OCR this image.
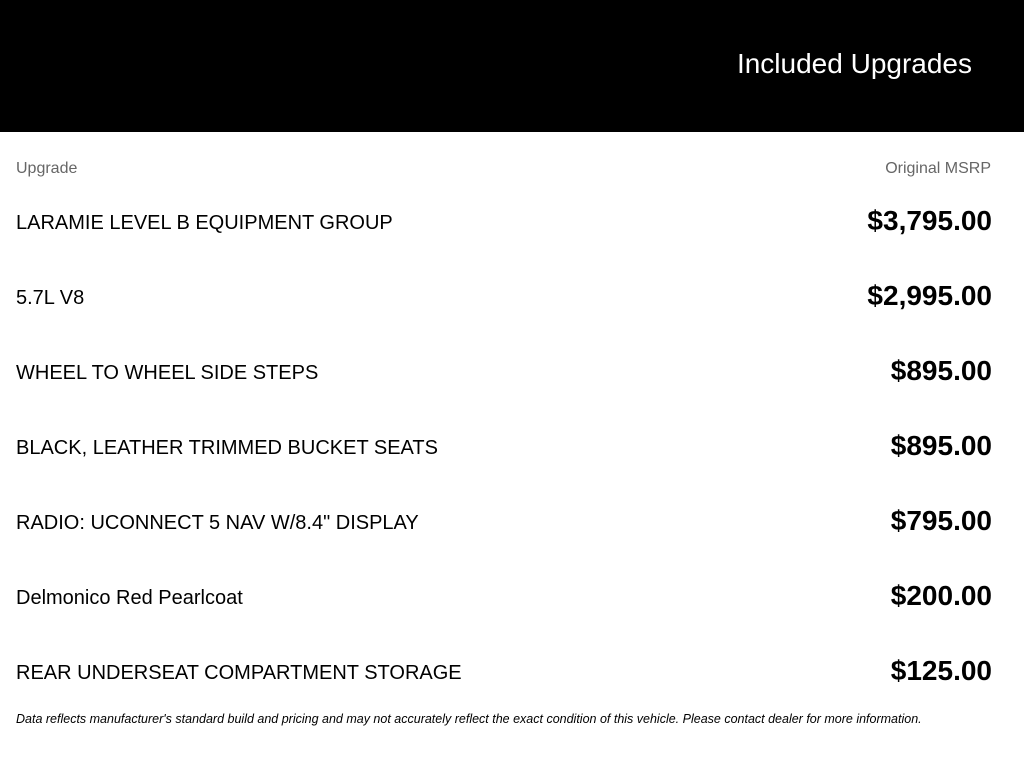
Included Upgrades
Upgrade	Original MSRP
LARAMIE LEVEL B EQUIPMENT GROUP	$3,795.00
5.7L V8	$2,995.00
WHEEL TO WHEEL SIDE STEPS	$895.00
BLACK, LEATHER TRIMMED BUCKET SEATS	$895.00
RADIO: UCONNECT 5 NAV W/8.4" DISPLAY	$795.00
Delmonico Red Pearlcoat	$200.00
REAR UNDERSEAT COMPARTMENT STORAGE	$125.00
Data reflects manufacturer's standard build and pricing and may not accurately reflect the exact condition of this vehicle. Please contact dealer for more information.
